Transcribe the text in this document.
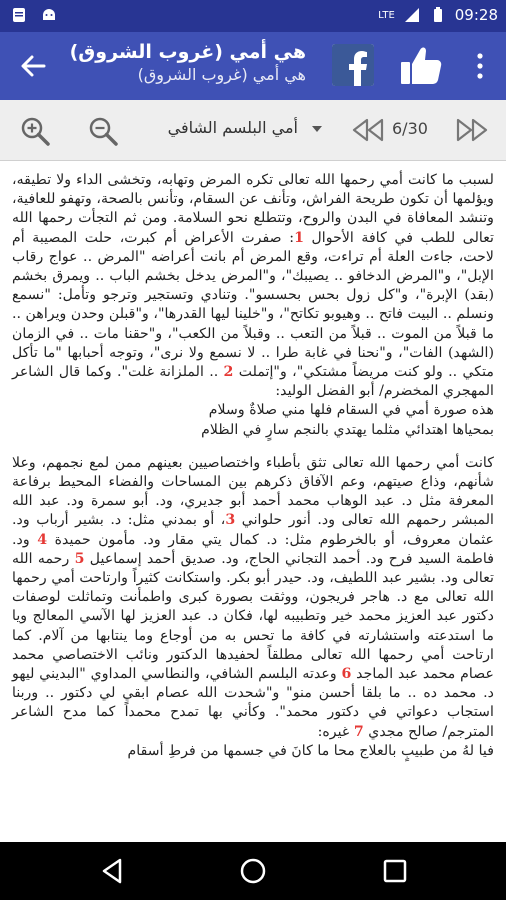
LTE	09:28
هي أمي (غروب الشروق)
هي أمي (غروب الشروق)
أمي البلسم الشافي	6/30

لسبب ما كانت أمي رحمها الله تعالى تكره المرض وتهابه، وتخشى الداء ولا تطيقه، ويؤلمها أن تكون طريحة الفراش، وتأنف عن السقام، وتأنس بالصحة، وتهفو للعافية، وتنشد المعافاة في البدن والروح، وتتطلع نحو السلامة. ومن ثم التجأت رحمها الله تعالى للطب في كافة الأحوال 1: صفرت الأعراض أم كبرت، حلت المصيبة أم لاحت، جاءت العلة أم تراءت، وقع المرض أم بانت أعراضه "المرض .. عواج رقاب الإبل"، و"المرض الدخافو .. يصيبك"، و"المرض يدخل بخشم الباب .. ويمرق بخشم (بقد) الإبرة"، و"كل زول بحس بحسسو". وتنادي وتستجير وترجو وتأمل: "نسمع ونسلم .. البيت فاتح .. وهيوبو تكاتح"، و"خلينا ليها القدرها"، و"قبلن وحدن ويراهن .. ما قبلاً من الموت .. قبلاً من التعب .. وقبلاً من الكعب"، و"حقنا مات .. في الزمان (الشهد) الفات"، و"نحنا في غابة طرا .. لا نسمع ولا نرى"، وتوجه أحبابها "ما تأكل متكي .. ولو كنت مريضاً مشتكي"، و"إتملت 2 .. الملزانة غلت". وكما قال الشاعر المهجري المخضرم/ أبو الفضل الوليد:
هذه صورة أمي في السقام فلها مني صلاةٌ وسلام
بمحياها اهتدائي مثلما يهتدي بالنجم سارٍ في الظلام

كانت أمي رحمها الله تعالى تثق بأطباء واختصاصيين بعينهم ممن لمع نجمهم، وعلا شأنهم، وذاع صيتهم، وعم الآفاق ذكرهم بين المساحات والفضاء المحيط برفاعة المعرفة مثل د. عبد الوهاب محمد أحمد أبو جديري، ود. أبو سمرة ود. عبد الله المبشر رحمهم الله تعالى ود. أنور حلواني 3، أو بمدني مثل: د. بشير أرباب ود. عثمان معروف، أو بالخرطوم مثل: د. كمال يتي مقار ود. مأمون حميدة 4 ود. فاطمة السيد فرح ود. أحمد التجاني الحاج، ود. صديق أحمد إسماعيل 5 رحمه الله تعالى ود. بشير عبد اللطيف، ود. حيدر أبو بكر. واستكانت كثيراً وارتاحت أمي رحمها الله تعالى مع د. هاجر فريجون، ووثقت بصورة كبرى واطمأنت وتماثلت لوصفات دكتور عبد العزيز محمد خير وتطبيبه لها، فكان د. عبد العزيز لها الآسي المعالج ويا ما استدعته واستشارته في كافة ما تحس به من أوجاع وما ينتابها من آلام. كما ارتاحت أمي رحمها الله تعالى مطلقاً لحفيدها الدكتور ونائب الاختصاصي محمد عصام محمد عبد الماجد 6 وعدته البلسم الشافي، والنطاسي المداوي "البديني ليهو د. محمد ده .. ما بلقا أحسن منو" و"شحدت الله عصام ابقي لي دكتور .. وربنا استجاب دعواتي في دكتور محمد". وكأني بها تمدح محمداً كما مدح الشاعر المترجم/ صالح مجدي 7 غيره:
فيا لهُ من طبيبٍ بالعلاج محا ما كانَ في جسمها من فرطِ أسقام
